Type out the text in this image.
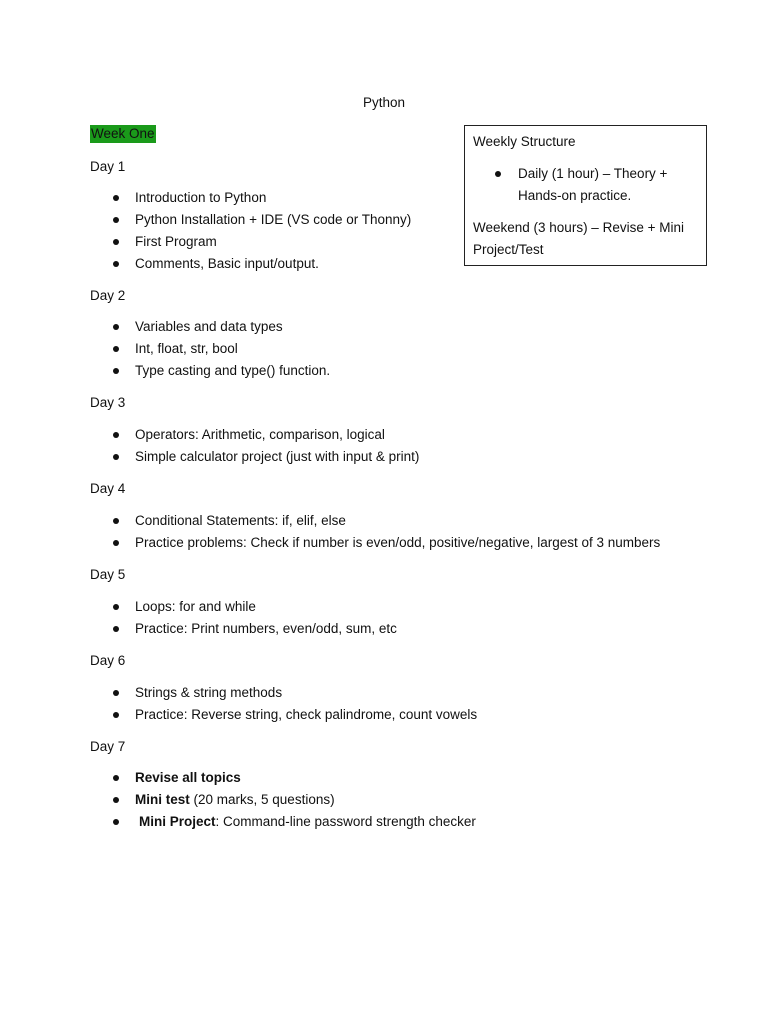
Python
Week One
Day 1
Introduction to Python
Python Installation + IDE (VS code or Thonny)
First Program
Comments, Basic input/output.
Day 2
Variables and data types
Int, float, str, bool
Type casting and type() function.
Day 3
Operators: Arithmetic, comparison, logical
Simple calculator project (just with input & print)
Day 4
Conditional Statements: if, elif, else
Practice problems: Check if number is even/odd, positive/negative, largest of 3 numbers
Day 5
Loops: for and while
Practice: Print numbers, even/odd, sum, etc
Day 6
Strings & string methods
Practice: Reverse string, check palindrome, count vowels
Day 7
Revise all topics
Mini test (20 marks, 5 questions)
Mini Project: Command-line password strength checker
Weekly Structure
Daily (1 hour) – Theory + Hands-on practice.
Weekend (3 hours) – Revise + Mini Project/Test
